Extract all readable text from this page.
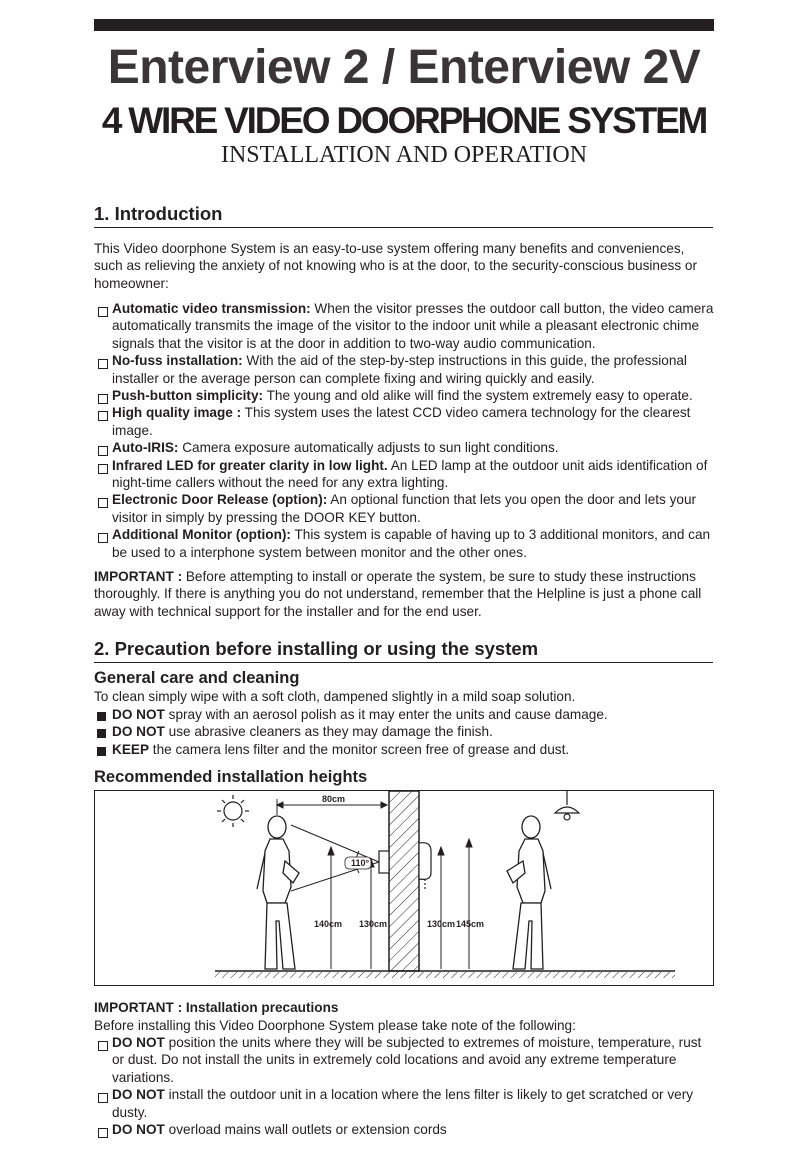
Enterview 2 / Enterview 2V
4 WIRE VIDEO DOORPHONE SYSTEM
INSTALLATION AND OPERATION
1. Introduction
This Video doorphone System is an easy-to-use system offering many benefits and conveniences, such as relieving the anxiety of not knowing who is at the door, to the security-conscious business or homeowner:
Automatic video transmission: When the visitor presses the outdoor call button, the video camera automatically transmits the image of the visitor to the indoor unit while a pleasant electronic chime signals that the visitor is at the door in addition to two-way audio communication.
No-fuss installation: With the aid of the step-by-step instructions in this guide, the professional installer or the average person can complete fixing and wiring quickly and easily.
Push-button simplicity: The young and old alike will find the system extremely easy to operate.
High quality image : This system uses the latest CCD video camera technology for the clearest image.
Auto-IRIS: Camera exposure automatically adjusts to sun light conditions.
Infrared LED for greater clarity in low light. An LED lamp at the outdoor unit aids identification of night-time callers without the need for any extra lighting.
Electronic Door Release (option): An optional function that lets you open the door and lets your visitor in simply by pressing the DOOR KEY button.
Additional Monitor (option): This system is capable of having up to 3 additional monitors, and can be used to a interphone system between monitor and the other ones.
IMPORTANT : Before attempting to install or operate the system, be sure to study these instructions thoroughly. If there is anything you do not understand, remember that the Helpline is just a phone call away with technical support for the installer and for the end user.
2. Precaution before installing or using the system
General care and cleaning
To clean simply wipe with a soft cloth, dampened slightly in a mild soap solution.
DO NOT spray with an aerosol polish as it may enter the units and cause damage.
DO NOT use abrasive cleaners as they may damage the finish.
KEEP the camera lens filter and the monitor screen free of grease and dust.
Recommended installation heights
110°
80cm
140cm 130cm	130cm 145cm
IMPORTANT : Installation precautions
Before installing this Video Doorphone System please take note of the following:
DO NOT position the units where they will be subjected to extremes of moisture, temperature, rust or dust. Do not install the units in extremely cold locations and avoid any extreme temperature variations.
DO NOT install the outdoor unit in a location where the lens filter is likely to get scratched or very dusty.
DO NOT overload mains wall outlets or extension cords
